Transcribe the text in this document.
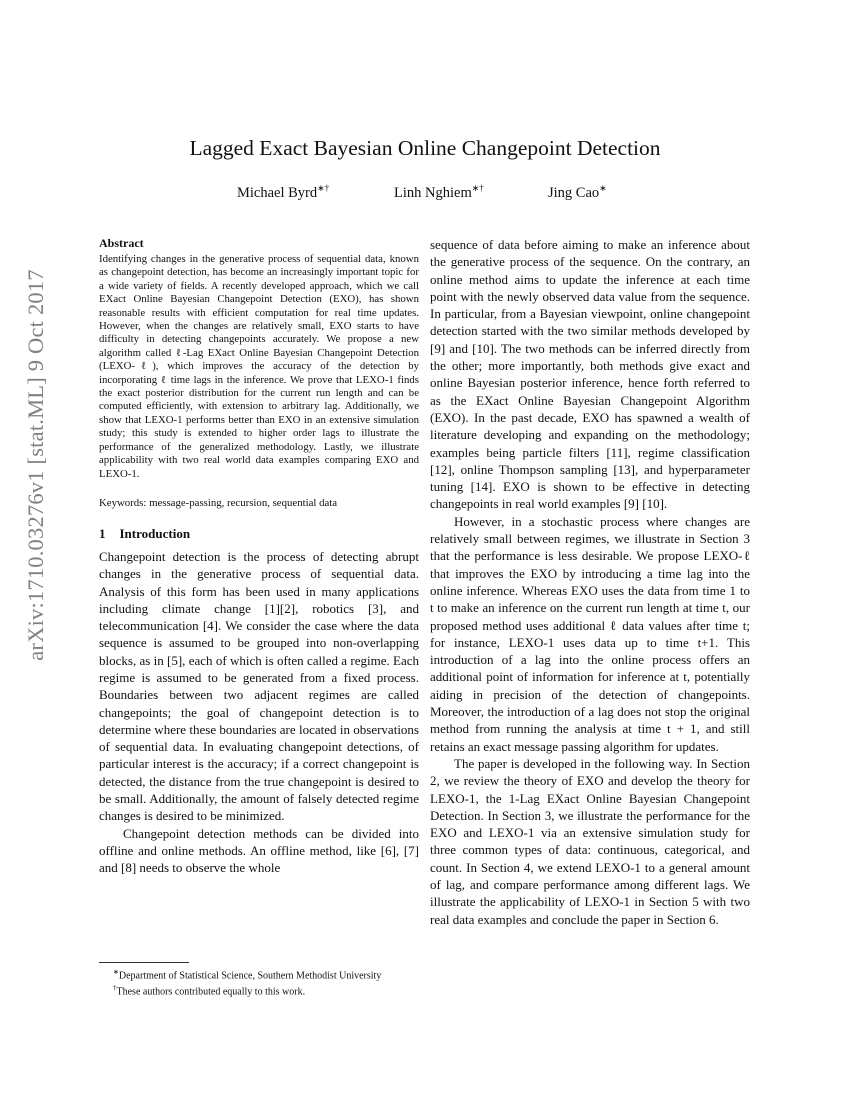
arXiv:1710.03276v1 [stat.ML] 9 Oct 2017
Lagged Exact Bayesian Online Changepoint Detection
Michael Byrd∗†	Linh Nghiem∗†	Jing Cao∗
Abstract

Identifying changes in the generative process of sequential data, known as changepoint detection, has become an increasingly important topic for a wide variety of fields. A recently developed approach, which we call EXact Online Bayesian Changepoint Detection (EXO), has shown reasonable results with efficient computation for real time updates. However, when the changes are relatively small, EXO starts to have difficulty in detecting changepoints accurately. We propose a new algorithm called ℓ-Lag EXact Online Bayesian Changepoint Detection (LEXO-ℓ), which improves the accuracy of the detection by incorporating ℓ time lags in the inference. We prove that LEXO-1 finds the exact posterior distribution for the current run length and can be computed efficiently, with extension to arbitrary lag. Additionally, we show that LEXO-1 performs better than EXO in an extensive simulation study; this study is extended to higher order lags to illustrate the performance of the generalized methodology. Lastly, we illustrate applicability with two real world data examples comparing EXO and LEXO-1.

Keywords: message-passing, recursion, sequential data

1 Introduction

Changepoint detection is the process of detecting abrupt changes in the generative process of sequential data. Analysis of this form has been used in many applications including climate change [1][2], robotics [3], and telecommunication [4]. We consider the case where the data sequence is assumed to be grouped into non-overlapping blocks, as in [5], each of which is often called a regime. Each regime is assumed to be generated from a fixed process. Boundaries between two adjacent regimes are called changepoints; the goal of changepoint detection is to determine where these boundaries are located in observations of sequential data. In evaluating changepoint detections, of particular interest is the accuracy; if a correct changepoint is detected, the distance from the true changepoint is desired to be small. Additionally, the amount of falsely detected regime changes is desired to be minimized.

Changepoint detection methods can be divided into offline and online methods. An offline method, like [6], [7] and [8] needs to observe the whole

∗Department of Statistical Science, Southern Methodist University

†These authors contributed equally to this work.

sequence of data before aiming to make an inference about the generative process of the sequence. On the contrary, an online method aims to update the inference at each time point with the newly observed data value from the sequence. In particular, from a Bayesian viewpoint, online changepoint detection started with the two similar methods developed by [9] and [10]. The two methods can be inferred directly from the other; more importantly, both methods give exact and online Bayesian posterior inference, hence forth referred to as the EXact Online Bayesian Changepoint Algorithm (EXO). In the past decade, EXO has spawned a wealth of literature developing and expanding on the methodology; examples being particle filters [11], regime classification [12], online Thompson sampling [13], and hyperparameter tuning [14]. EXO is shown to be effective in detecting changepoints in real world examples [9] [10].

However, in a stochastic process where changes are relatively small between regimes, we illustrate in Section 3 that the performance is less desirable. We propose LEXO-ℓ that improves the EXO by introducing a time lag into the online inference. Whereas EXO uses the data from time 1 to t to make an inference on the current run length at time t, our proposed method uses additional ℓ data values after time t; for instance, LEXO-1 uses data up to time t+1. This introduction of a lag into the online process offers an additional point of information for inference at t, potentially aiding in precision of the detection of changepoints. Moreover, the introduction of a lag does not stop the original method from running the analysis at time t + 1, and still retains an exact message passing algorithm for updates.

The paper is developed in the following way. In Section 2, we review the theory of EXO and develop the theory for LEXO-1, the 1-Lag EXact Online Bayesian Changepoint Detection. In Section 3, we illustrate the performance for the EXO and LEXO-1 via an extensive simulation study for three common types of data: continuous, categorical, and count. In Section 4, we extend LEXO-1 to a general amount of lag, and compare performance among different lags. We illustrate the applicability of LEXO-1 in Section 5 with two real data examples and conclude the paper in Section 6.
